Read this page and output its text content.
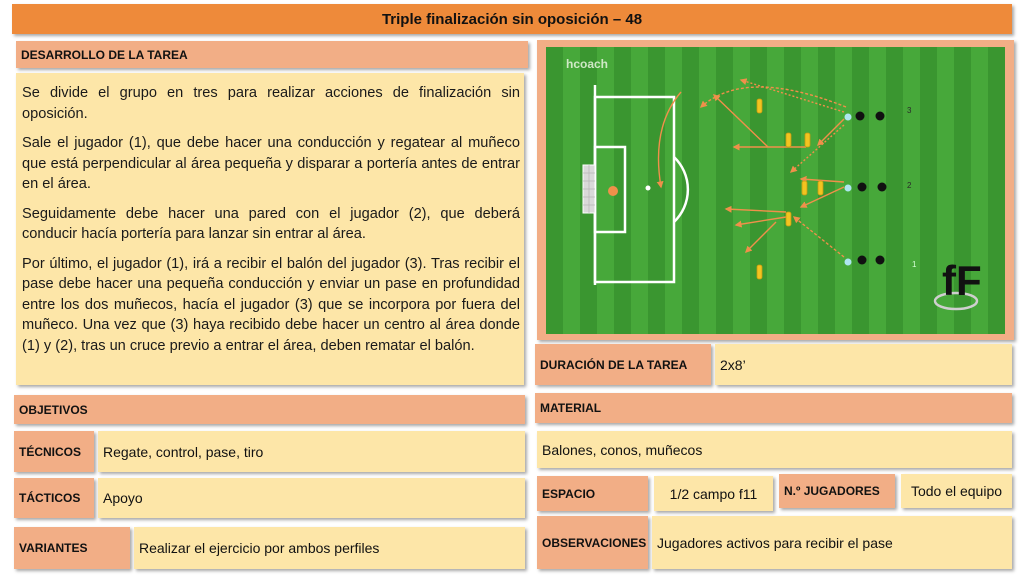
Triple finalización sin oposición – 48
DESARROLLO DE LA TAREA

Se divide el grupo en tres para realizar acciones de finalización sin oposición.

Sale el jugador (1), que debe hacer una conducción y regatear al muñeco que está perpendicular al área pequeña y disparar a portería antes de entrar en el área.

Seguidamente debe hacer una pared con el jugador (2), que deberá conducir hacía portería para lanzar sin entrar al área.

Por último, el jugador (1), irá a recibir el balón del jugador (3). Tras recibir el pase debe hacer una pequeña conducción y enviar un pase en profundidad entre los dos muñecos, hacía el jugador (3) que se incorpora por fuera del muñeco. Una vez que (3) haya recibido debe hacer un centro al área donde (1) y (2), tras un cruce previo a entrar el área, deben rematar el balón.

3
2
1
hcoach
fF
OBJETIVOS
TÉCNICOS	Regate, control, pase, tiro
TÁCTICOS	Apoyo
VARIANTES	Realizar el ejercicio por ambos perfiles
DURACIÓN DE LA TAREA	2x8’
MATERIAL
Balones, conos, muñecos
ESPACIO	1/2 campo f11	N.º JUGADORES	Todo el equipo
OBSERVACIONES Jugadores activos para recibir el pase
